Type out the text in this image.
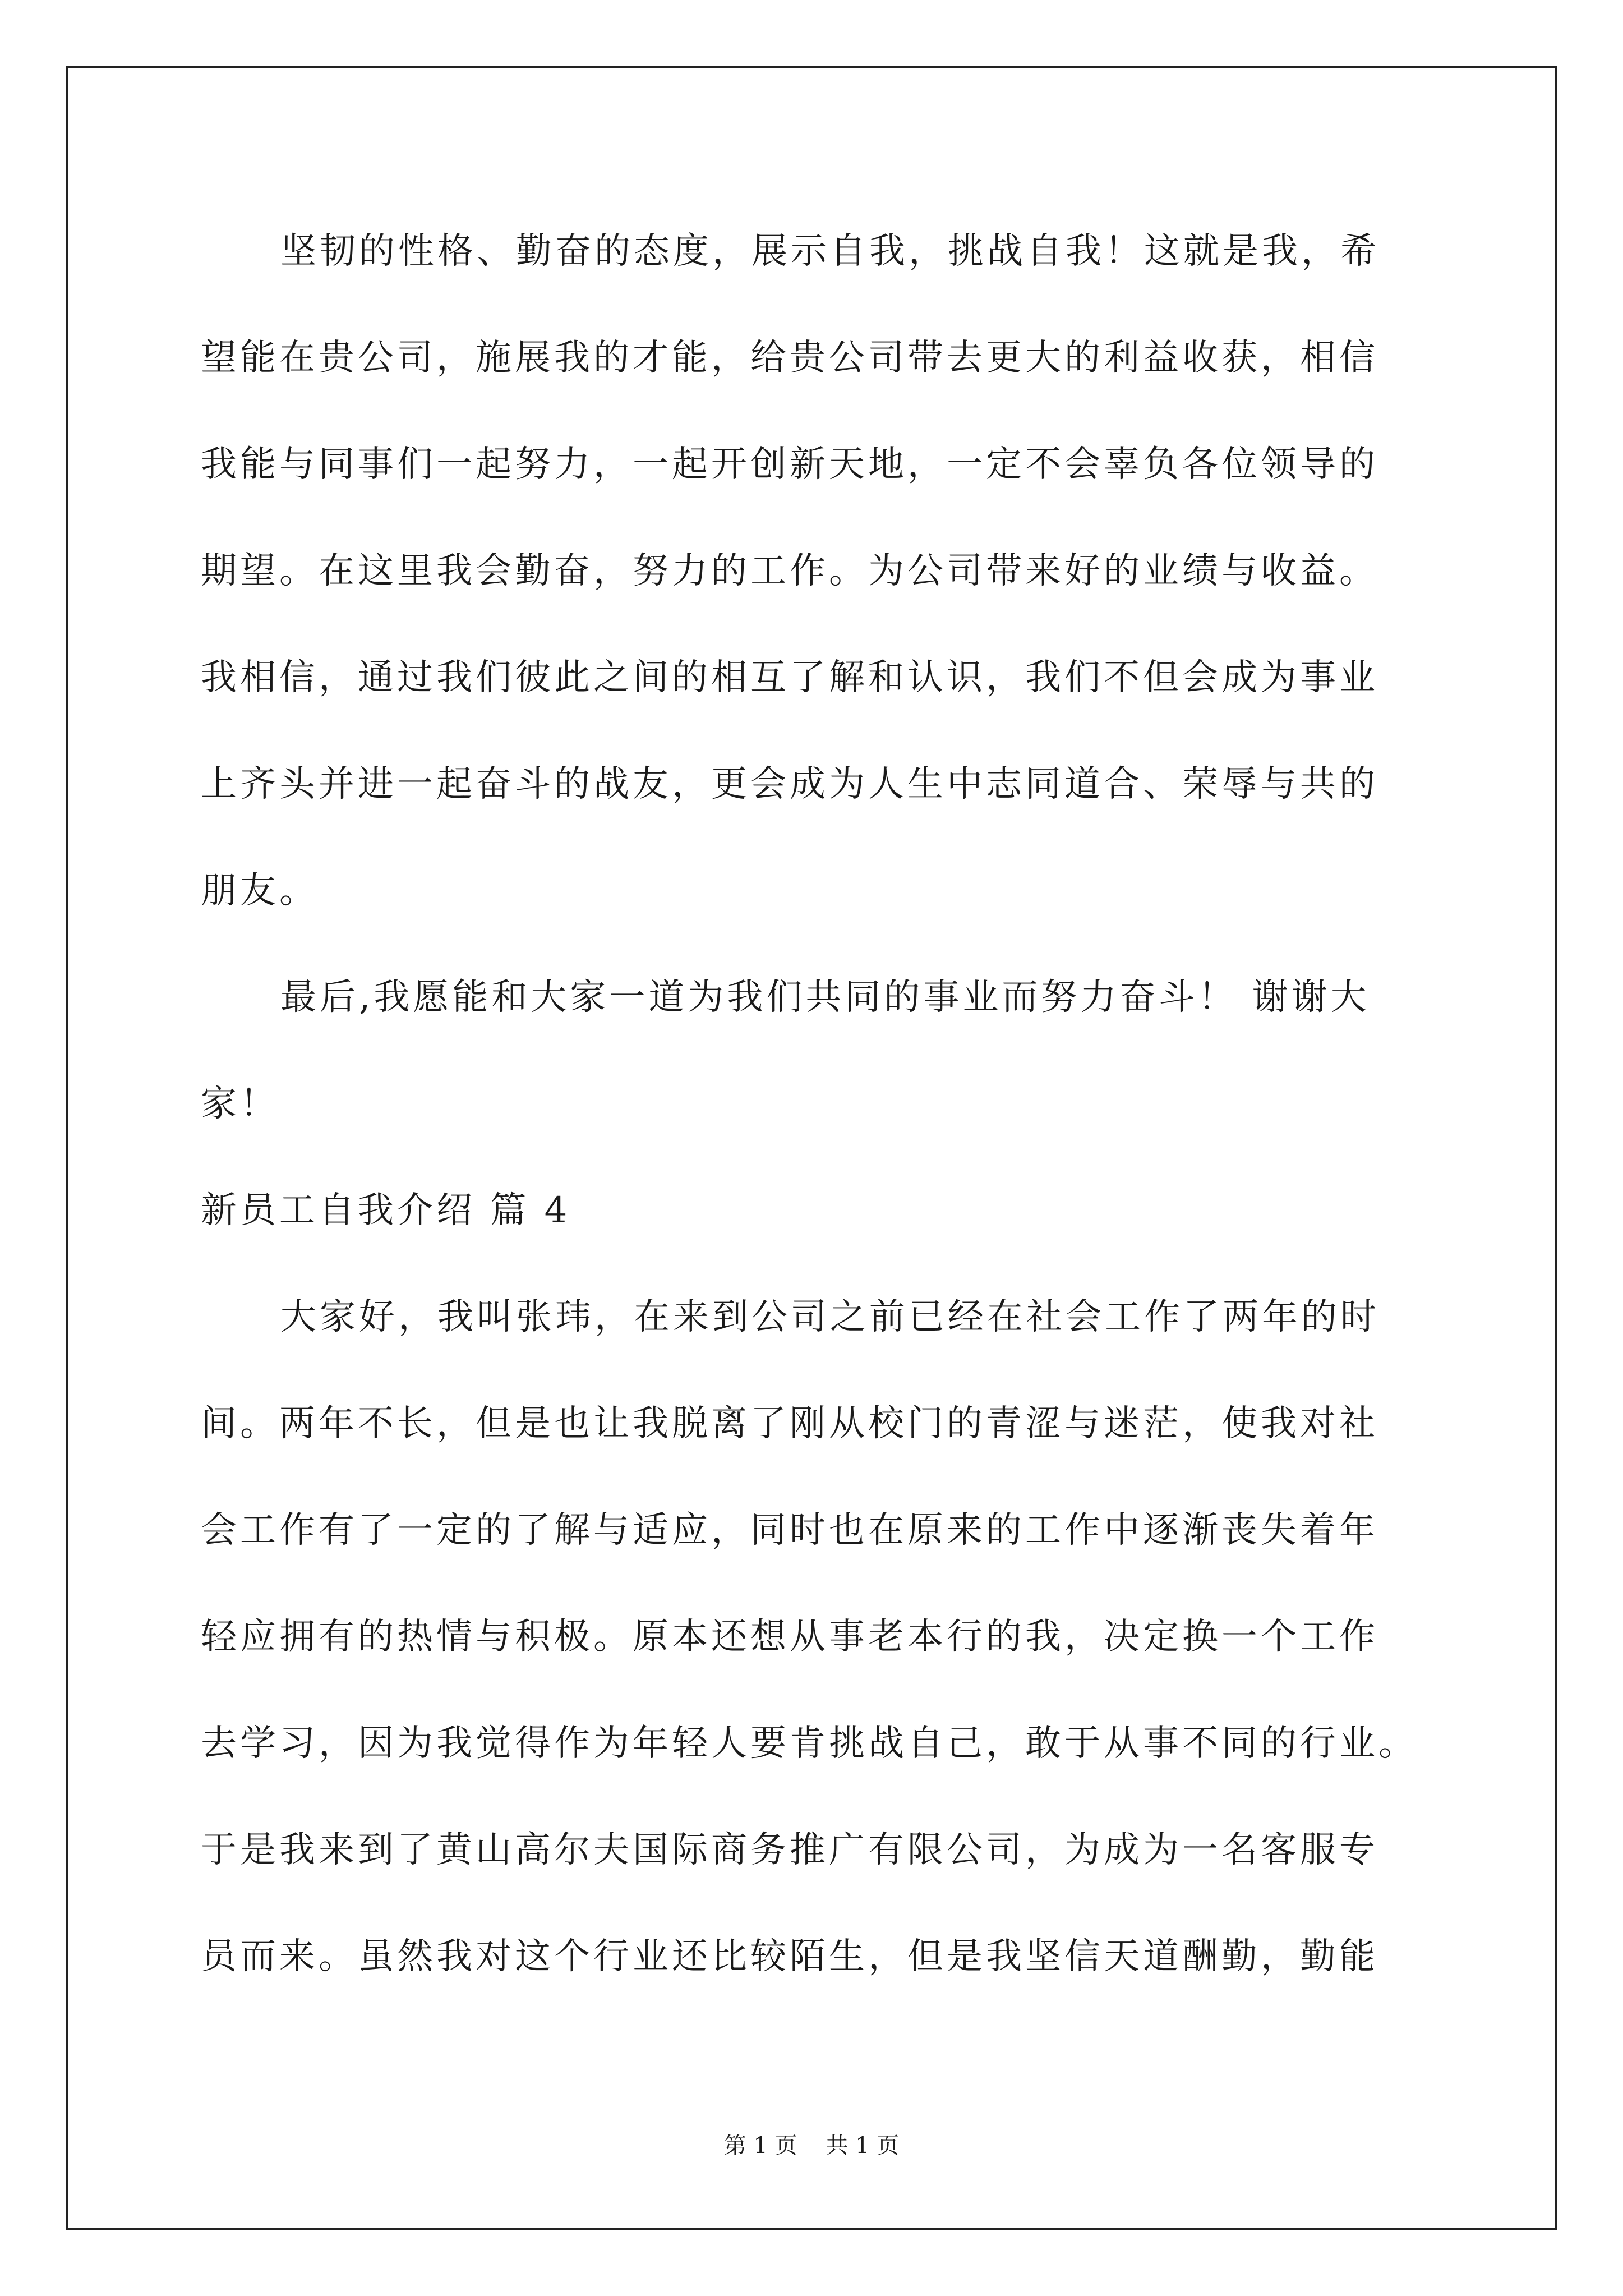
坚韧的性格、勤奋的态度，展示自我，挑战自我！这就是我，希
望能在贵公司，施展我的才能，给贵公司带去更大的利益收获，相信
我能与同事们一起努力，一起开创新天地，一定不会辜负各位领导的
期望。在这里我会勤奋，努力的工作。为公司带来好的业绩与收益。
我相信，通过我们彼此之间的相互了解和认识，我们不但会成为事业
上齐头并进一起奋斗的战友，更会成为人生中志同道合、荣辱与共的
朋友。
最后,我愿能和大家一道为我们共同的事业而努力奋斗！ 谢谢大
家！
新员工自我介绍 篇 4
大家好，我叫张玮，在来到公司之前已经在社会工作了两年的时
间。两年不长，但是也让我脱离了刚从校门的青涩与迷茫，使我对社
会工作有了一定的了解与适应，同时也在原来的工作中逐渐丧失着年
轻应拥有的热情与积极。原本还想从事老本行的我，决定换一个工作
去学习，因为我觉得作为年轻人要肯挑战自己，敢于从事不同的行业。
于是我来到了黄山高尔夫国际商务推广有限公司，为成为一名客服专
员而来。虽然我对这个行业还比较陌生，但是我坚信天道酬勤，勤能
第 1 页    共 1 页
